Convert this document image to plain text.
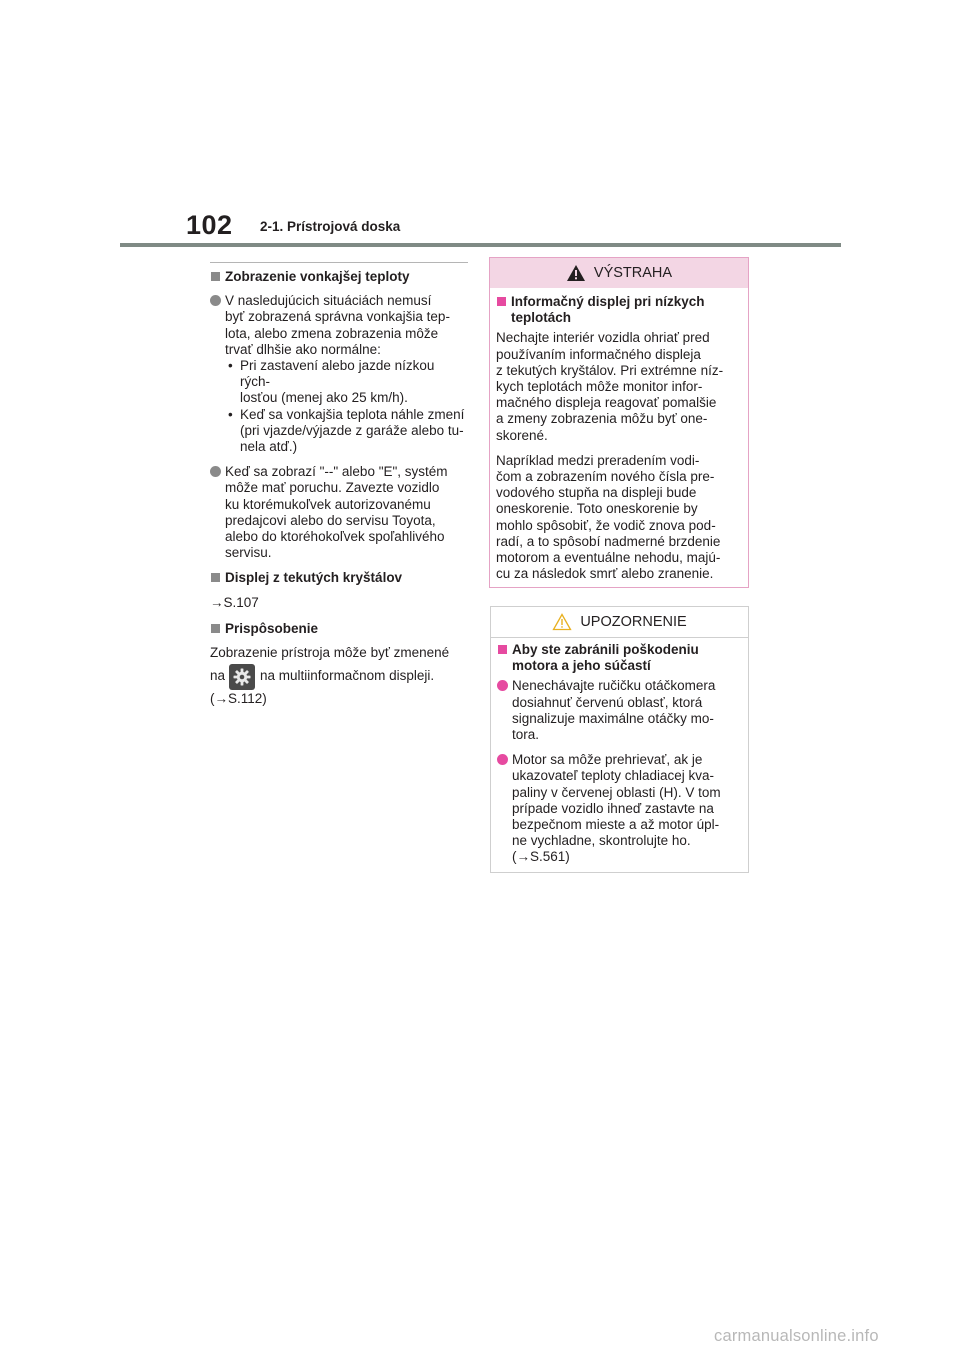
102 2-1. Prístrojová doska
Zobrazenie vonkajšej teploty
V nasledujúcich situáciách nemusí
byť zobrazená správna vonkajšia tep-
lota, alebo zmena zobrazenia môže
trvať dlhšie ako normálne:
• Pri zastavení alebo jazde nízkou rých-
losťou (menej ako 25 km/h).
• Keď sa vonkajšia teplota náhle zmení
(pri vjazde/výjazde z garáže alebo tu-
nela atď.)
Keď sa zobrazí "--" alebo "E", systém
môže mať poruchu. Zavezte vozidlo
ku ktorémukoľvek autorizovanému
predajcovi alebo do servisu Toyota,
alebo do ktoréhokoľvek spoľahlivého
servisu.
Displej z tekutých kryštálov
→S.107
Prispôsobenie
Zobrazenie prístroja môže byť zmenené
na	na multiinformačnom displeji.
(→S.112)
VÝSTRAHA
Informačný displej pri nízkych
teplotách
Nechajte interiér vozidla ohriať pred
používaním informačného displeja
z tekutých kryštálov. Pri extrémne níz-
kych teplotách môže monitor infor-
mačného displeja reagovať pomalšie
a zmeny zobrazenia môžu byť one-
skorené.
Napríklad medzi preradením vodi-
čom a zobrazením nového čísla pre-
vodového stupňa na displeji bude
oneskorenie. Toto oneskorenie by
mohlo spôsobiť, že vodič znova pod-
radí, a to spôsobí nadmerné brzdenie
motorom a eventuálne nehodu, majú-
cu za následok smrť alebo zranenie.
UPOZORNENIE
Aby ste zabránili poškodeniu
motora a jeho súčastí
Nenechávajte ručičku otáčkomera
dosiahnuť červenú oblasť, ktorá
signalizuje maximálne otáčky mo-
tora.
Motor sa môže prehrievať, ak je
ukazovateľ teploty chladiacej kva-
paliny v červenej oblasti (H). V tom
prípade vozidlo ihneď zastavte na
bezpečnom mieste a až motor úpl-
ne vychladne, skontrolujte ho.
(→S.561)
carmanualsonline.info
